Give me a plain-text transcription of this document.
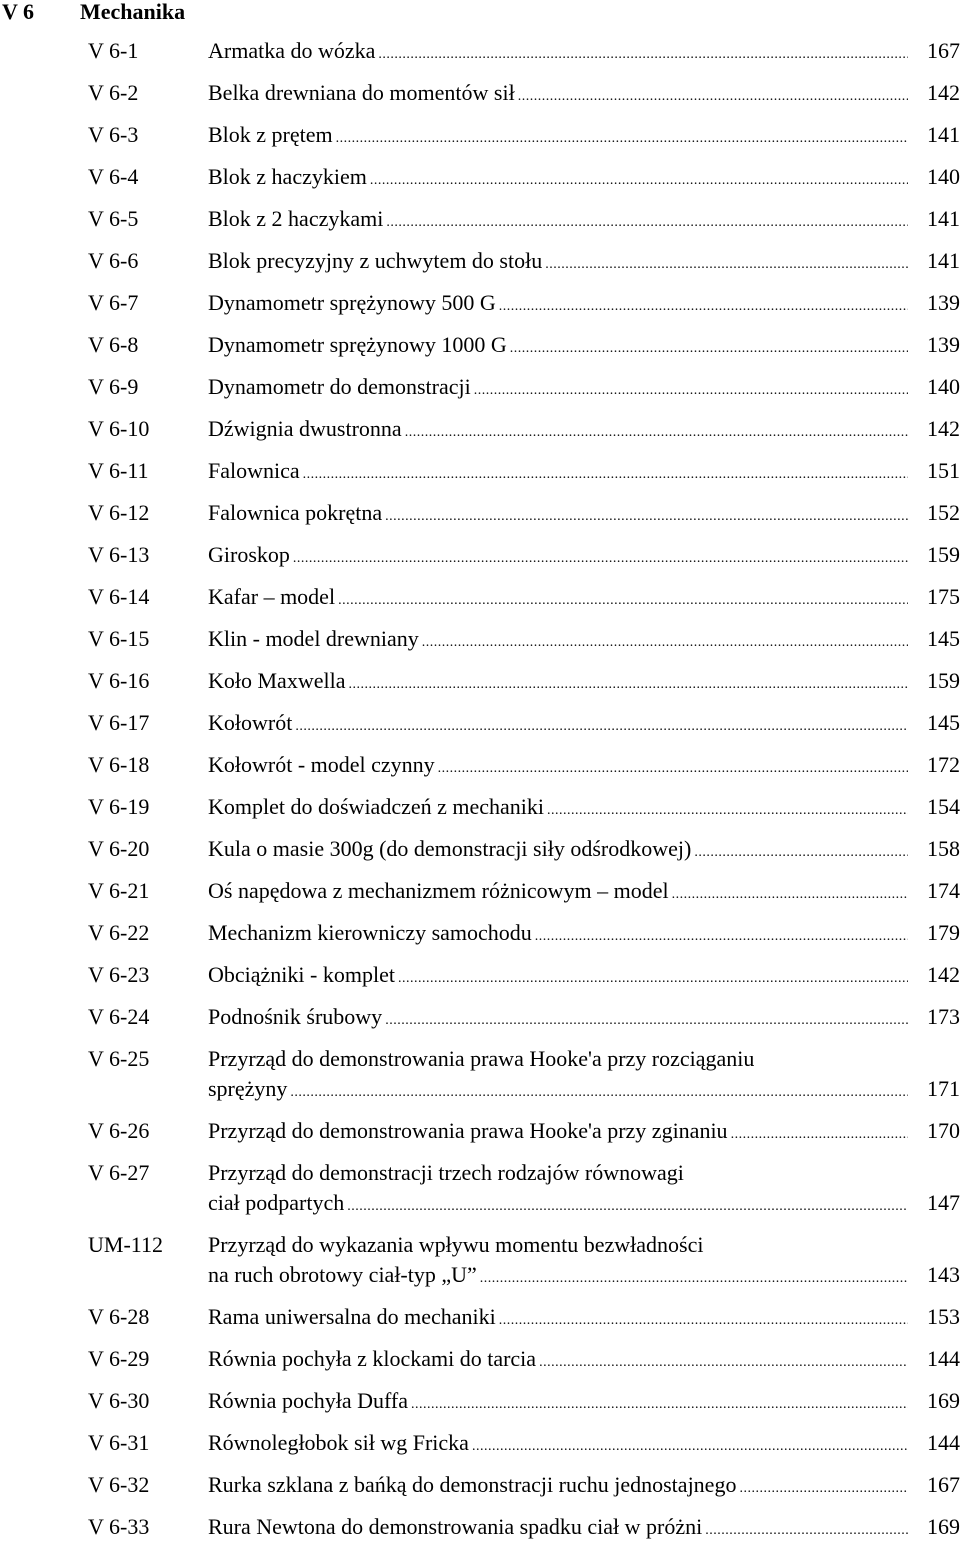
V 6 Mechanika
V 6-1	Armatka do wózka .....	167
V 6-2	Belka drewniana do momentów sił .....	142
V 6-3	Blok z prętem .....	141
V 6-4	Blok z haczykiem .....	140
V 6-5	Blok z 2 haczykami .....	141
V 6-6	Blok precyzyjny z uchwytem do stołu .....	141
V 6-7	Dynamometr sprężynowy 500 G .....	139
V 6-8	Dynamometr sprężynowy 1000 G .....	139
V 6-9	Dynamometr do demonstracji .....	140
V 6-10	Dźwignia dwustronna .....	142
V 6-11	Falownica .....	151
V 6-12	Falownica pokrętna .....	152
V 6-13	Giroskop .....	159
V 6-14	Kafar – model .....	175
V 6-15	Klin - model drewniany .....	145
V 6-16	Koło Maxwella .....	159
V 6-17	Kołowrót .....	145
V 6-18	Kołowrót - model czynny .....	172
V 6-19	Komplet do doświadczeń z mechaniki .....	154
V 6-20	Kula o masie 300g (do demonstracji siły odśrodkowej) .....	158
V 6-21	Oś napędowa z mechanizmem różnicowym – model .....	174
V 6-22	Mechanizm kierowniczy samochodu .....	179
V 6-23	Obciążniki - komplet .....	142
V 6-24	Podnośnik śrubowy .....	173
V 6-25	Przyrząd do demonstrowania prawa Hooke'a przy rozciąganiu
sprężyny .....	171
V 6-26	Przyrząd do demonstrowania prawa Hooke'a przy zginaniu .....	170
V 6-27	Przyrząd do demonstracji trzech rodzajów równowagi
ciał podpartych .....	147
UM-112 Przyrząd do wykazania wpływu momentu bezwładności
na ruch obrotowy ciał-typ „U” .....	143
V 6-28	Rama uniwersalna do mechaniki .....	153
V 6-29	Równia pochyła z klockami do tarcia .....	144
V 6-30	Równia pochyła Duffa .....	169
V 6-31	Równoległobok sił wg Fricka .....	144
V 6-32	Rurka szklana z bańką do demonstracji ruchu jednostajnego .....	167
V 6-33	Rura Newtona do demonstrowania spadku ciał w próżni .....	169
